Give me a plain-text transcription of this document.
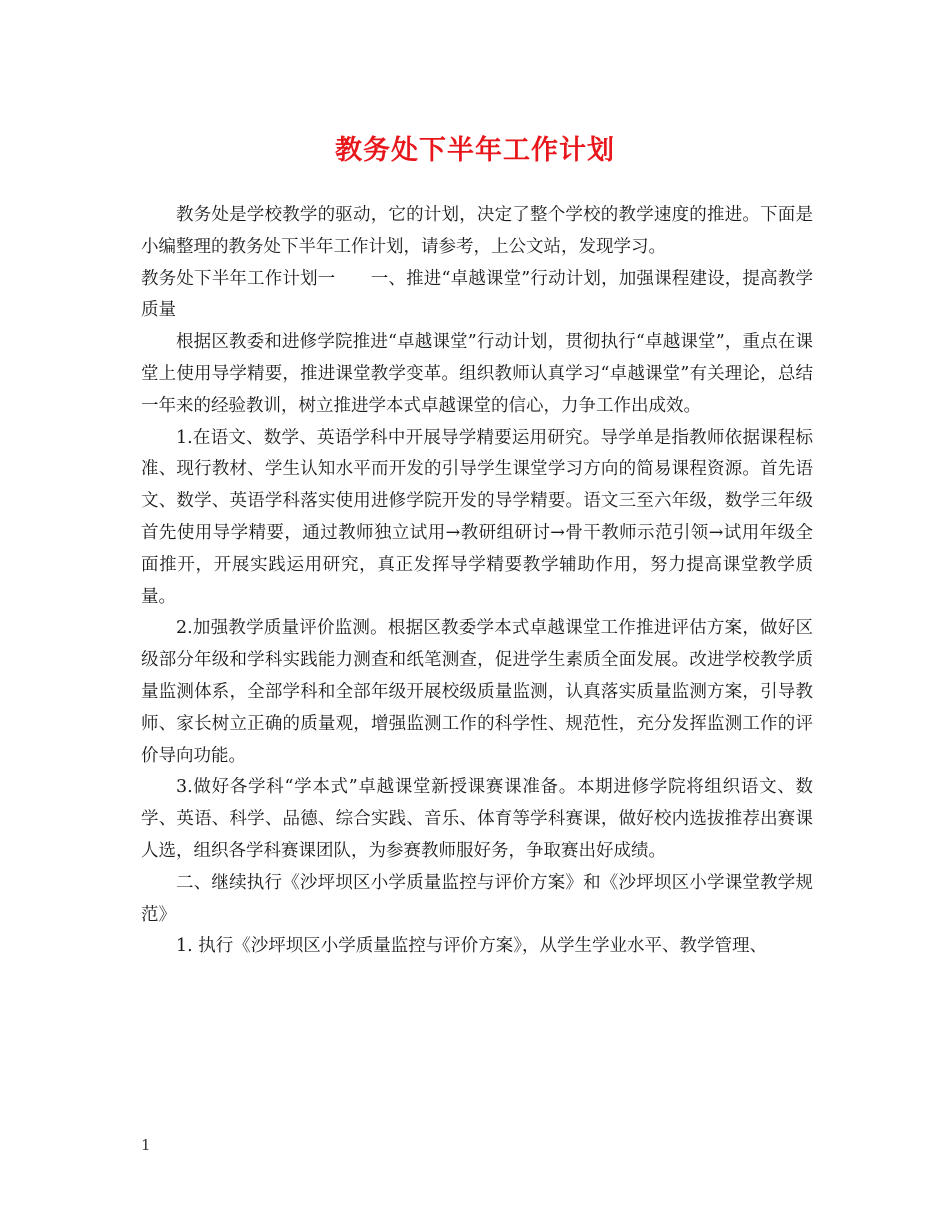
教务处下半年工作计划

教务处是学校教学的驱动，它的计划，决定了整个学校的教学速度的推进。下面是小编整理的教务处下半年工作计划，请参考，上公文站，发现学习。

教务处下半年工作计划一　　一、推进“卓越课堂”行动计划，加强课程建设，提高教学质量

根据区教委和进修学院推进“卓越课堂”行动计划，贯彻执行“卓越课堂”，重点在课堂上使用导学精要，推进课堂教学变革。组织教师认真学习“卓越课堂”有关理论，总结一年来的经验教训，树立推进学本式卓越课堂的信心，力争工作出成效。

1.在语文、数学、英语学科中开展导学精要运用研究。导学单是指教师依据课程标准、现行教材、学生认知水平而开发的引导学生课堂学习方向的简易课程资源。首先语文、数学、英语学科落实使用进修学院开发的导学精要。语文三至六年级，数学三年级首先使用导学精要，通过教师独立试用→教研组研讨→骨干教师示范引领→试用年级全面推开，开展实践运用研究，真正发挥导学精要教学辅助作用，努力提高课堂教学质量。

2.加强教学质量评价监测。根据区教委学本式卓越课堂工作推进评估方案，做好区级部分年级和学科实践能力测查和纸笔测查，促进学生素质全面发展。改进学校教学质量监测体系，全部学科和全部年级开展校级质量监测，认真落实质量监测方案，引导教师、家长树立正确的质量观，增强监测工作的科学性、规范性，充分发挥监测工作的评价导向功能。

3.做好各学科“学本式”卓越课堂新授课赛课准备。本期进修学院将组织语文、数学、英语、科学、品德、综合实践、音乐、体育等学科赛课，做好校内选拔推荐出赛课人选，组织各学科赛课团队，为参赛教师服好务，争取赛出好成绩。

二、继续执行《沙坪坝区小学质量监控与评价方案》和《沙坪坝区小学课堂教学规范》

1. 执行《沙坪坝区小学质量监控与评价方案》，从学生学业水平、教学管理、

1
